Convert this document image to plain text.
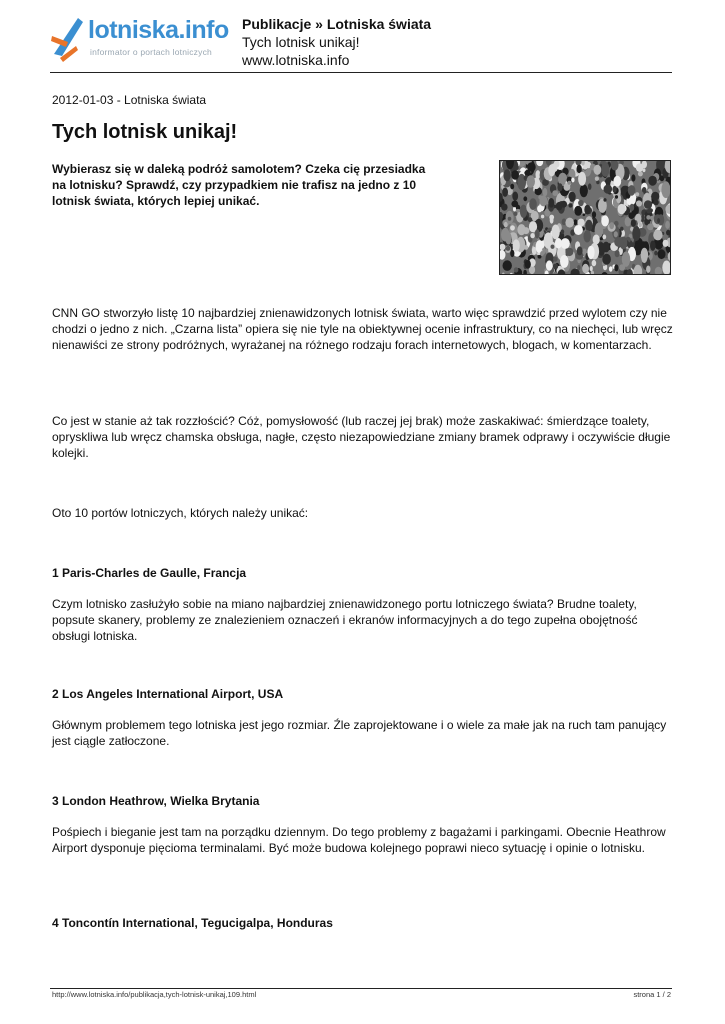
lotniska.info
informator o portach lotniczych
Publikacje » Lotniska świata
Tych lotnisk unikaj!
www.lotniska.info
2012-01-03 - Lotniska świata
Tych lotnisk unikaj!

Wybierasz się w daleką podróż samolotem? Czeka cię przesiadka na lotnisku? Sprawdź, czy przypadkiem nie trafisz na jedno z 10 lotnisk świata, których lepiej unikać.

CNN GO stworzyło listę 10 najbardziej znienawidzonych lotnisk świata, warto więc sprawdzić przed wylotem czy nie chodzi o jedno z nich. „Czarna lista” opiera się nie tyle na obiektywnej ocenie infrastruktury, co na niechęci, lub wręcz nienawiści ze strony podróżnych, wyrażanej na różnego rodzaju forach internetowych, blogach, w komentarzach.

Co jest w stanie aż tak rozzłościć? Cóż, pomysłowość (lub raczej jej brak) może zaskakiwać: śmierdzące toalety, opryskliwa lub wręcz chamska obsługa, nagłe, często niezapowiedziane zmiany bramek odprawy i oczywiście długie kolejki.

Oto 10 portów lotniczych, których należy unikać:

1 Paris-Charles de Gaulle, Francja

Czym lotnisko zasłużyło sobie na miano najbardziej znienawidzonego portu lotniczego świata? Brudne toalety, popsute skanery, problemy ze znalezieniem oznaczeń i ekranów informacyjnych a do tego zupełna obojętność obsługi lotniska.

2 Los Angeles International Airport, USA

Głównym problemem tego lotniska jest jego rozmiar. Źle zaprojektowane i o wiele za małe jak na ruch tam panujący jest ciągle zatłoczone.

3 London Heathrow, Wielka Brytania

Pośpiech i bieganie jest tam na porządku dziennym. Do tego problemy z bagażami i parkingami. Obecnie Heathrow Airport dysponuje pięcioma terminalami. Być może budowa kolejnego poprawi nieco sytuację i opinie o lotnisku.

4 Toncontín International, Tegucigalpa, Honduras
http://www.lotniska.info/publikacja,tych-lotnisk-unikaj,109.html	strona 1 / 2
